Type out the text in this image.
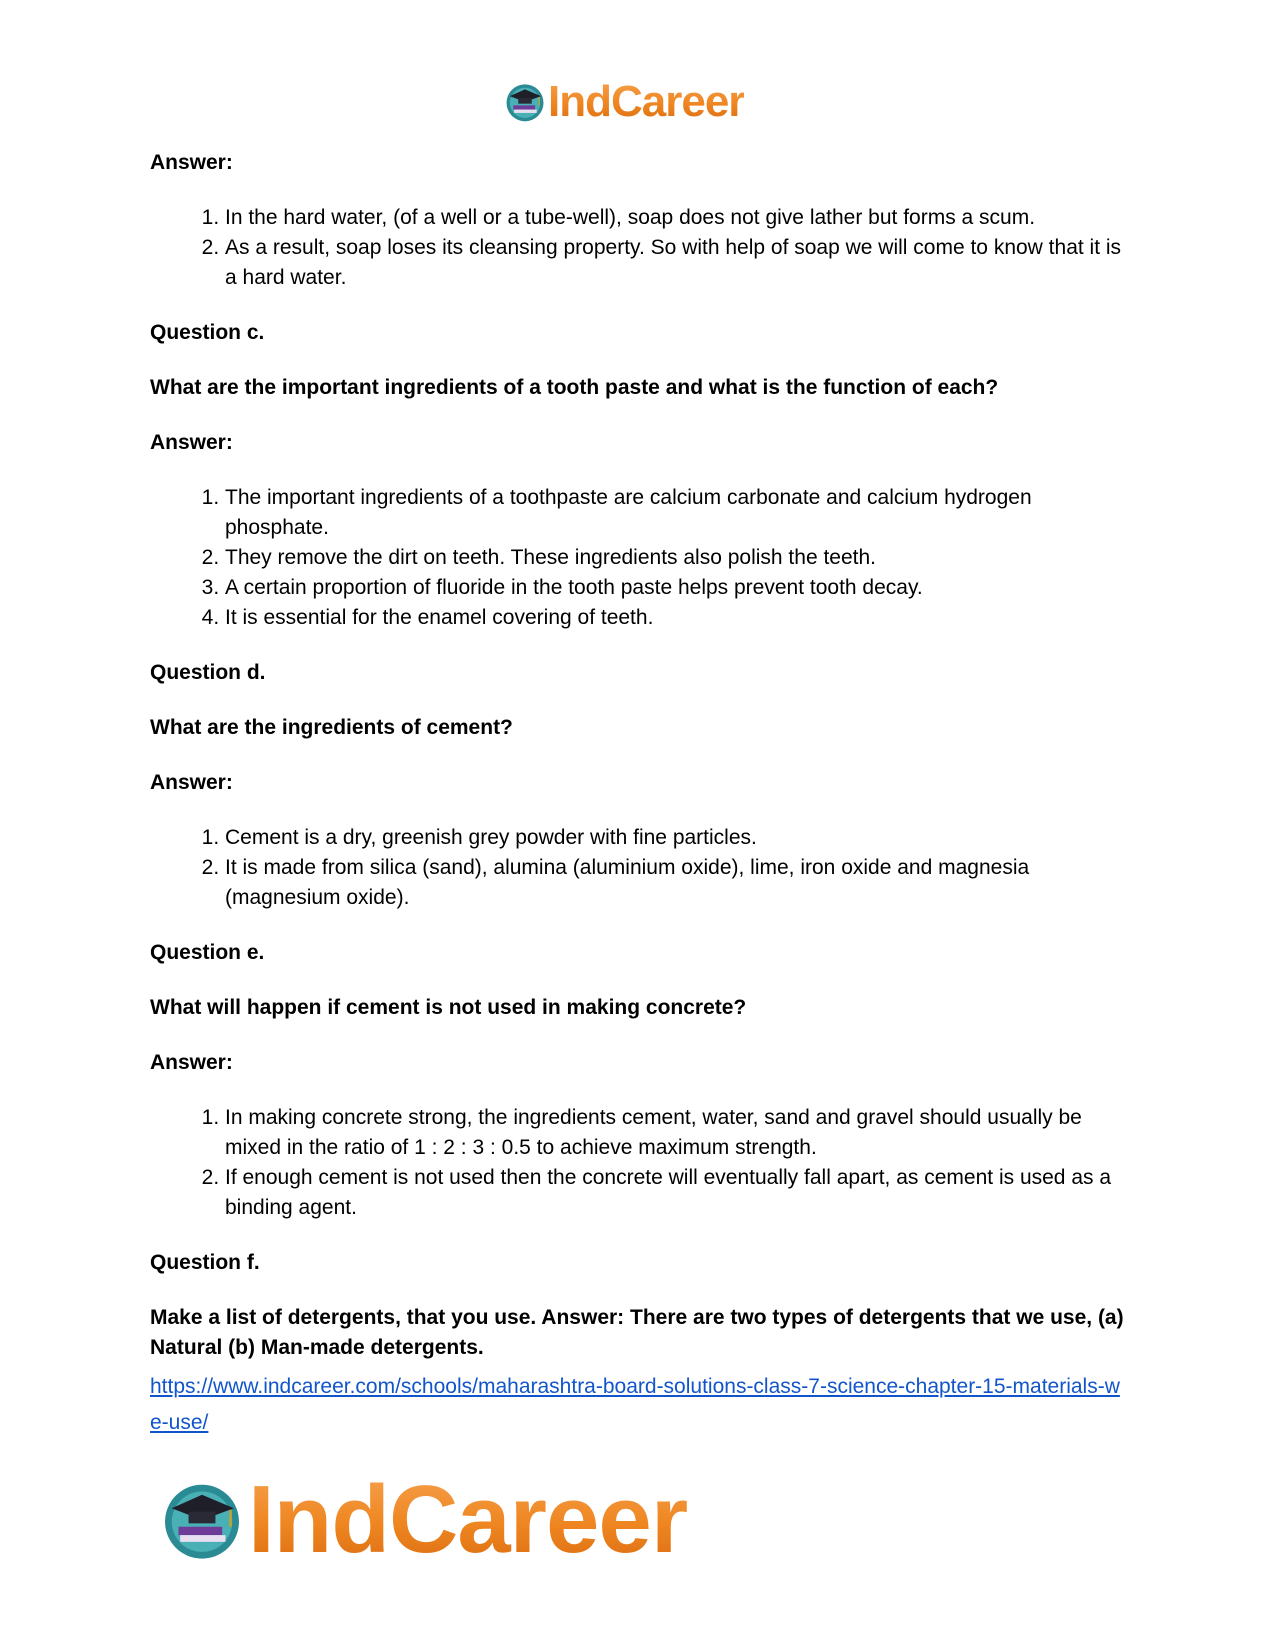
IndCareer

Answer:

1. In the hard water, (of a well or a tube-well), soap does not give lather but forms a scum.
2. As a result, soap loses its cleansing property. So with help of soap we will come to know that it is a hard water.

Question c.

What are the important ingredients of a tooth paste and what is the function of each?

Answer:

1. The important ingredients of a toothpaste are calcium carbonate and calcium hydrogen phosphate.
2. They remove the dirt on teeth. These ingredients also polish the teeth.
3. A certain proportion of fluoride in the tooth paste helps prevent tooth decay.
4. It is essential for the enamel covering of teeth.

Question d.

What are the ingredients of cement?

Answer:

1. Cement is a dry, greenish grey powder with fine particles.
2. It is made from silica (sand), alumina (aluminium oxide), lime, iron oxide and magnesia (magnesium oxide).

Question e.

What will happen if cement is not used in making concrete?

Answer:

1. In making concrete strong, the ingredients cement, water, sand and gravel should usually be mixed in the ratio of 1 : 2 : 3 : 0.5 to achieve maximum strength.
2. If enough cement is not used then the concrete will eventually fall apart, as cement is used as a binding agent.

Question f.

Make a list of detergents, that you use. Answer: There are two types of detergents that we use, (a) Natural (b) Man-made detergents.

https://www.indcareer.com/schools/maharashtra-board-solutions-class-7-science-chapter-15-materials-we-use/
IndCareer
